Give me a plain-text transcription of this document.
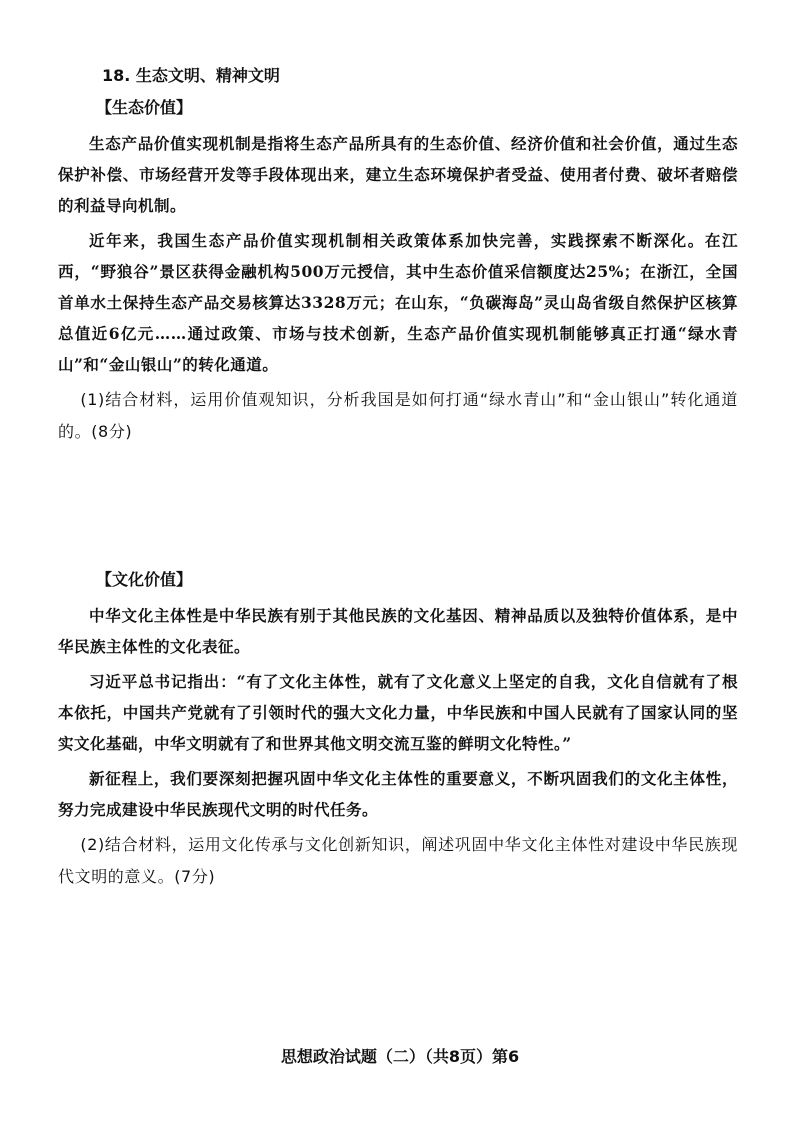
18. 生态文明、精神文明
【生态价值】

生态产品价值实现机制是指将生态产品所具有的生态价值、经济价值和社会价值，通过生态保护补偿、市场经营开发等手段体现出来，建立生态环境保护者受益、使用者付费、破坏者赔偿的利益导向机制。

近年来，我国生态产品价值实现机制相关政策体系加快完善，实践探索不断深化。在江西，“野狼谷”景区获得金融机构500万元授信，其中生态价值采信额度达25%；在浙江，全国首单水土保持生态产品交易核算达3328万元；在山东，“负碳海岛”灵山岛省级自然保护区核算总值近6亿元……通过政策、市场与技术创新，生态产品价值实现机制能够真正打通“绿水青山”和“金山银山”的转化通道。

(1)结合材料，运用价值观知识，分析我国是如何打通“绿水青山”和“金山银山”转化通道的。(8分)

【文化价值】

中华文化主体性是中华民族有别于其他民族的文化基因、精神品质以及独特价值体系，是中华民族主体性的文化表征。

习近平总书记指出：“有了文化主体性，就有了文化意义上坚定的自我，文化自信就有了根本依托，中国共产党就有了引领时代的强大文化力量，中华民族和中国人民就有了国家认同的坚实文化基础，中华文明就有了和世界其他文明交流互鉴的鲜明文化特性。”

新征程上，我们要深刻把握巩固中华文化主体性的重要意义，不断巩固我们的文化主体性，努力完成建设中华民族现代文明的时代任务。

(2)结合材料，运用文化传承与文化创新知识，阐述巩固中华文化主体性对建设中华民族现代文明的意义。(7分)

思想政治试题（二）（共8页）第6
